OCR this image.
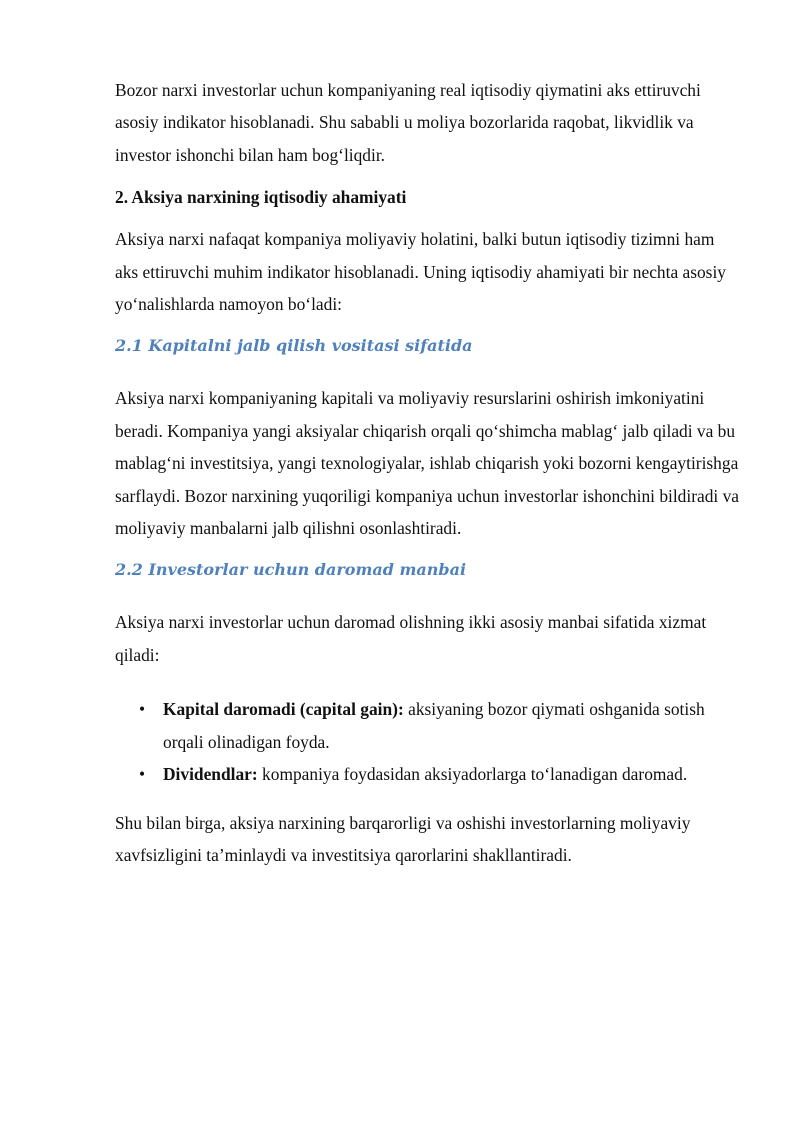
Bozor narxi investorlar uchun kompaniyaning real iqtisodiy qiymatini aks ettiruvchi asosiy indikator hisoblanadi. Shu sababli u moliya bozorlarida raqobat, likvidlik va investor ishonchi bilan ham bog‘liqdir.

2. Aksiya narxining iqtisodiy ahamiyati

Aksiya narxi nafaqat kompaniya moliyaviy holatini, balki butun iqtisodiy tizimni ham aks ettiruvchi muhim indikator hisoblanadi. Uning iqtisodiy ahamiyati bir nechta asosiy yo‘nalishlarda namoyon bo‘ladi:

2.1 Kapitalni jalb qilish vositasi sifatida

Aksiya narxi kompaniyaning kapitali va moliyaviy resurslarini oshirish imkoniyatini beradi. Kompaniya yangi aksiyalar chiqarish orqali qo‘shimcha mablag‘ jalb qiladi va bu mablag‘ni investitsiya, yangi texnologiyalar, ishlab chiqarish yoki bozorni kengaytirishga sarflaydi. Bozor narxining yuqoriligi kompaniya uchun investorlar ishonchini bildiradi va moliyaviy manbalarni jalb qilishni osonlashtiradi.

2.2 Investorlar uchun daromad manbai

Aksiya narxi investorlar uchun daromad olishning ikki asosiy manbai sifatida xizmat qiladi:

• Kapital daromadi (capital gain): aksiyaning bozor qiymati oshganida sotish orqali olinadigan foyda.
• Dividendlar: kompaniya foydasidan aksiyadorlarga to‘lanadigan daromad.

Shu bilan birga, aksiya narxining barqarorligi va oshishi investorlarning moliyaviy xavfsizligini ta’minlaydi va investitsiya qarorlarini shakllantiradi.
